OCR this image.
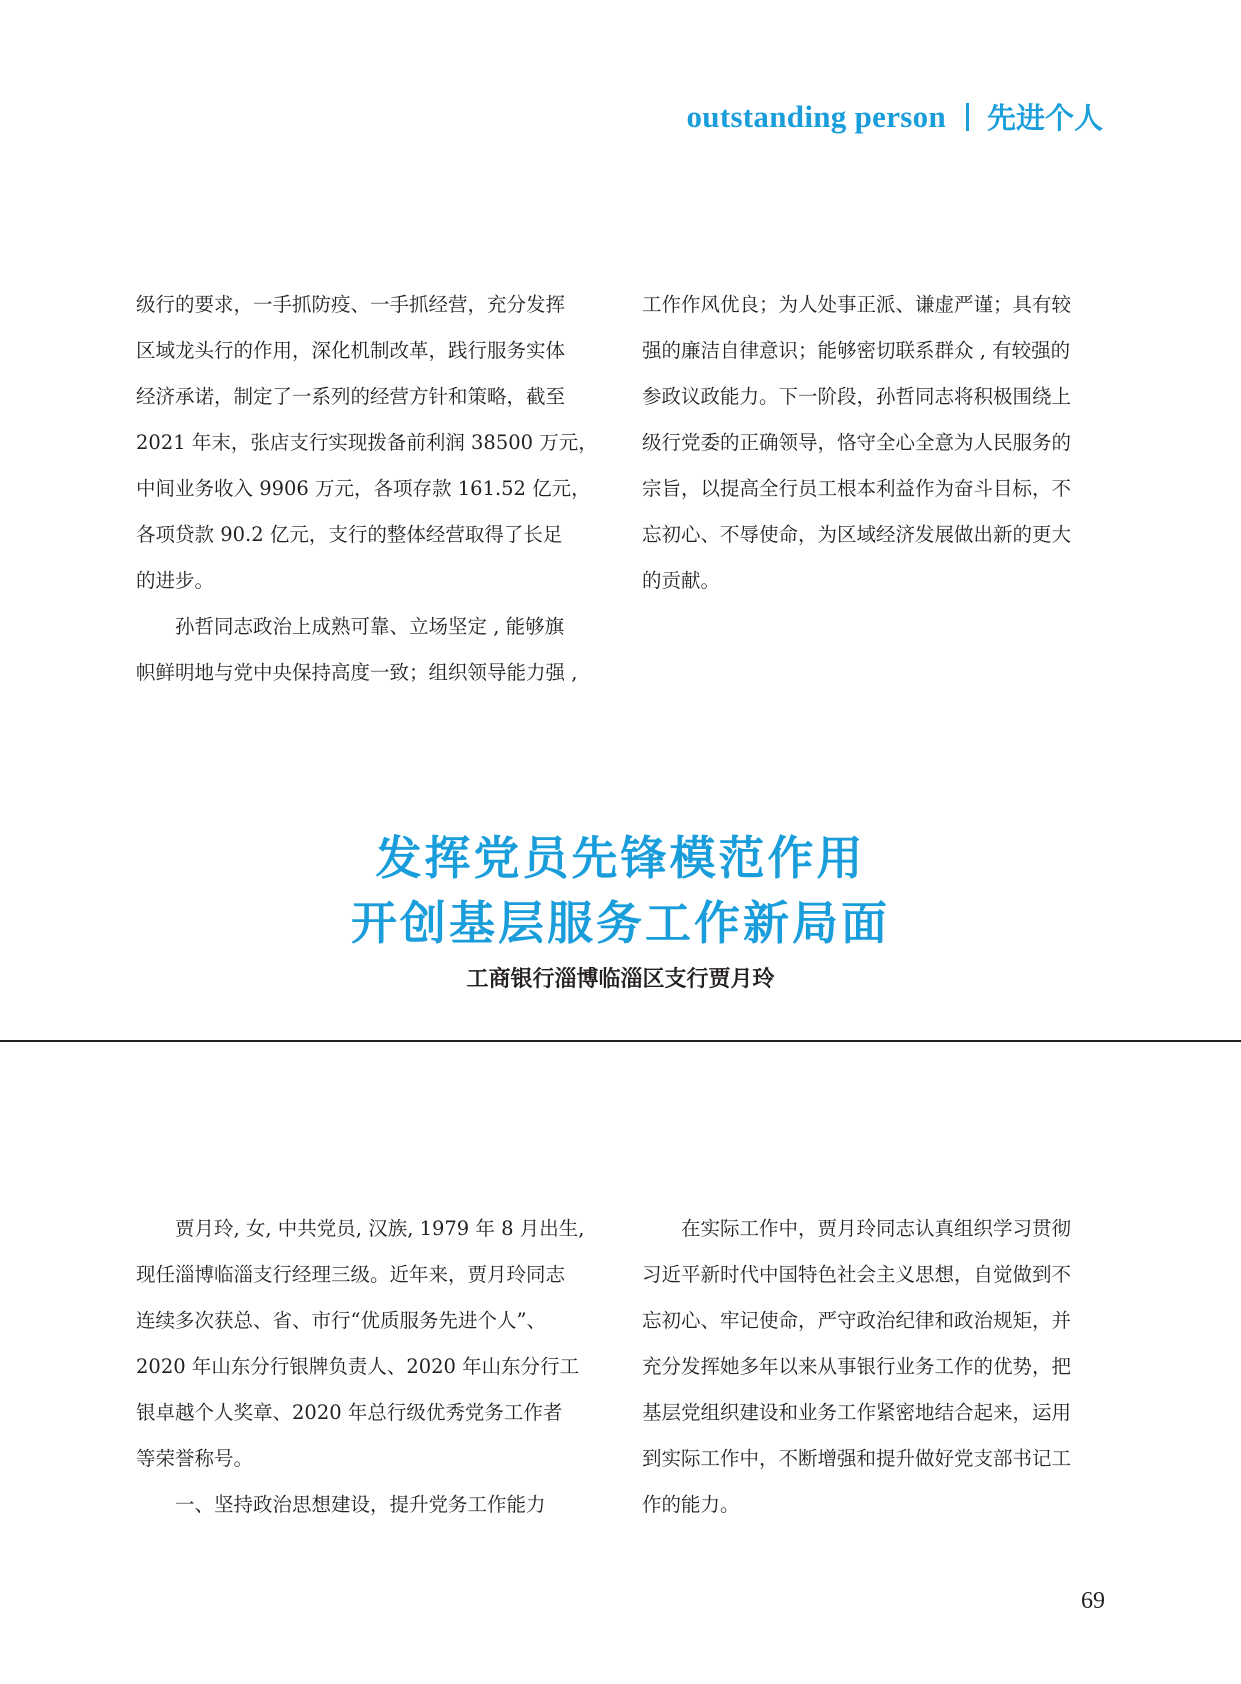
outstanding person 先进个人
级行的要求，一手抓防疫、一手抓经营，充分发挥
区域龙头行的作用，深化机制改革，践行服务实体
经济承诺，制定了一系列的经营方针和策略，截至
2021 年末，张店支行实现拨备前利润 38500 万元，
中间业务收入 9906 万元，各项存款 161.52 亿元，
各项贷款 90.2 亿元，支行的整体经营取得了长足
的进步。
孙哲同志政治上成熟可靠、立场坚定 , 能够旗
帜鲜明地与党中央保持高度一致；组织领导能力强 ,
工作作风优良；为人处事正派、谦虚严谨；具有较
强的廉洁自律意识；能够密切联系群众 , 有较强的
参政议政能力。下一阶段，孙哲同志将积极围绕上
级行党委的正确领导，恪守全心全意为人民服务的
宗旨，以提高全行员工根本利益作为奋斗目标，不
忘初心、不辱使命，为区域经济发展做出新的更大
的贡献。
发挥党员先锋模范作用
开创基层服务工作新局面
工商银行淄博临淄区支行贾月玲
贾月玲, 女, 中共党员, 汉族, 1979 年 8 月出生,
现任淄博临淄支行经理三级。近年来，贾月玲同志
连续多次获总、省、市行“优质服务先进个人”、
2020 年山东分行银牌负责人、2020 年山东分行工
银卓越个人奖章、2020 年总行级优秀党务工作者
等荣誉称号。
一、坚持政治思想建设，提升党务工作能力
在实际工作中，贾月玲同志认真组织学习贯彻
习近平新时代中国特色社会主义思想，自觉做到不
忘初心、牢记使命，严守政治纪律和政治规矩，并
充分发挥她多年以来从事银行业务工作的优势，把
基层党组织建设和业务工作紧密地结合起来，运用
到实际工作中，不断增强和提升做好党支部书记工
作的能力。
69
